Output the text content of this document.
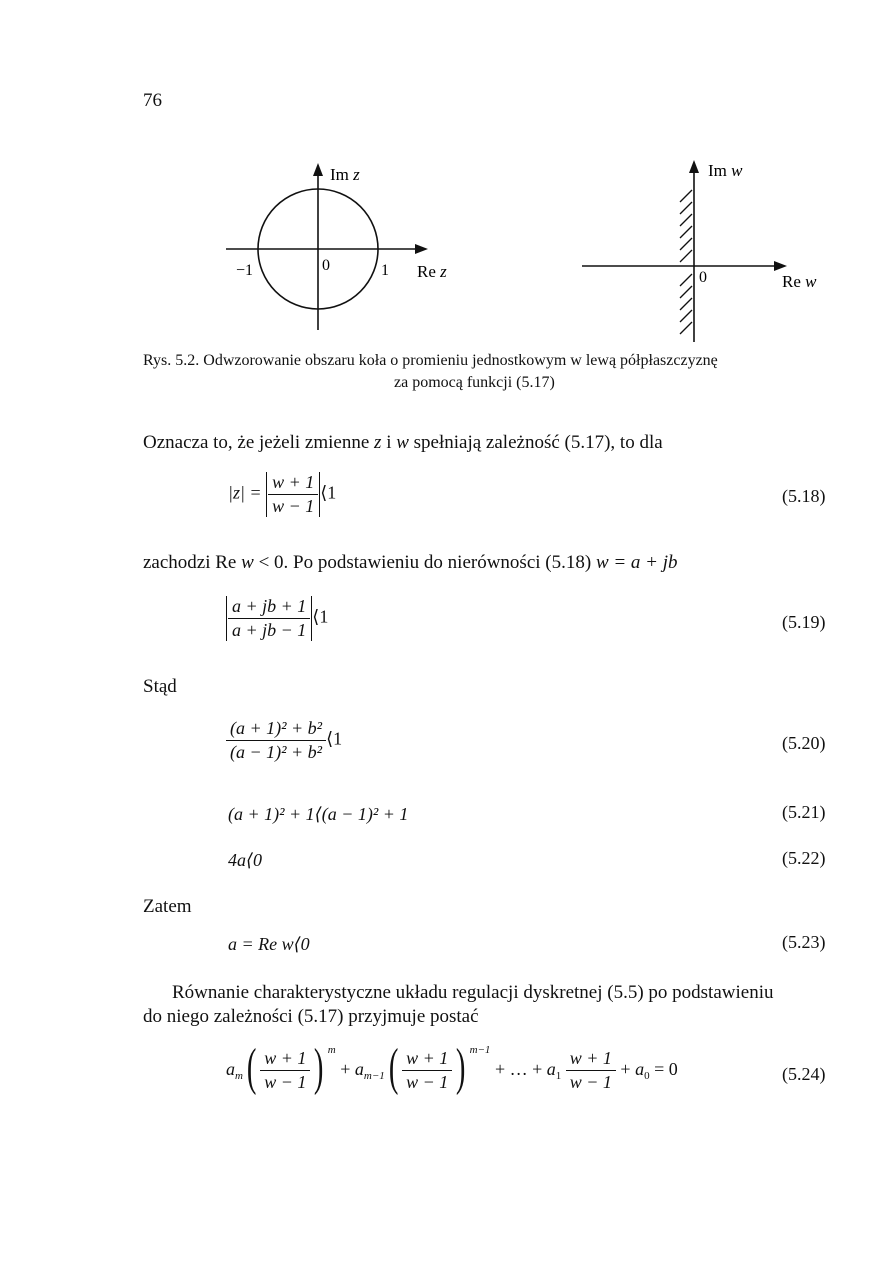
76
Im z
−1	0	1 Re z
Im w
0	Re w
Rys. 5.2. Odwzorowanie obszaru koła o promieniu jednostkowym w lewą półpłaszczyznę
za pomocą funkcji (5.17)
Oznacza to, że jeżeli zmienne z i w spełniają zależność (5.17), to dla
$|z| = \frac{w + 1}{w - 1}$ ⟨1	(5.18)
zachodzi Re w < 0. Po podstawieniu do nierówności (5.18) w = a + jb
$\frac{a + jb + 1}{a + jb - 1}$ ⟨1	(5.19)
Stąd
$\frac{\text{(a + 1)² + b²}}{\text{(a − 1)² + b²}}$ ⟨1	(5.20)
(a + 1)² + 1⟨(a − 1)² + 1	(5.21)
4a⟨0	(5.22)
Zatem
a = Re w⟨0	(5.23)
Równanie charakterystyczne układu regulacji dyskretnej (5.5) po podstawieniu
do niego zależności (5.17) przyjmuje postać
$a_m( \frac{w + 1}{w - 1}$ ) $^m + a_{m-1}( \frac{w + 1}{w - 1}$ ) $^{m-1}$ + … + $a_1 \frac{w + 1}{w - 1} + a_0 = 0$	(5.24)
